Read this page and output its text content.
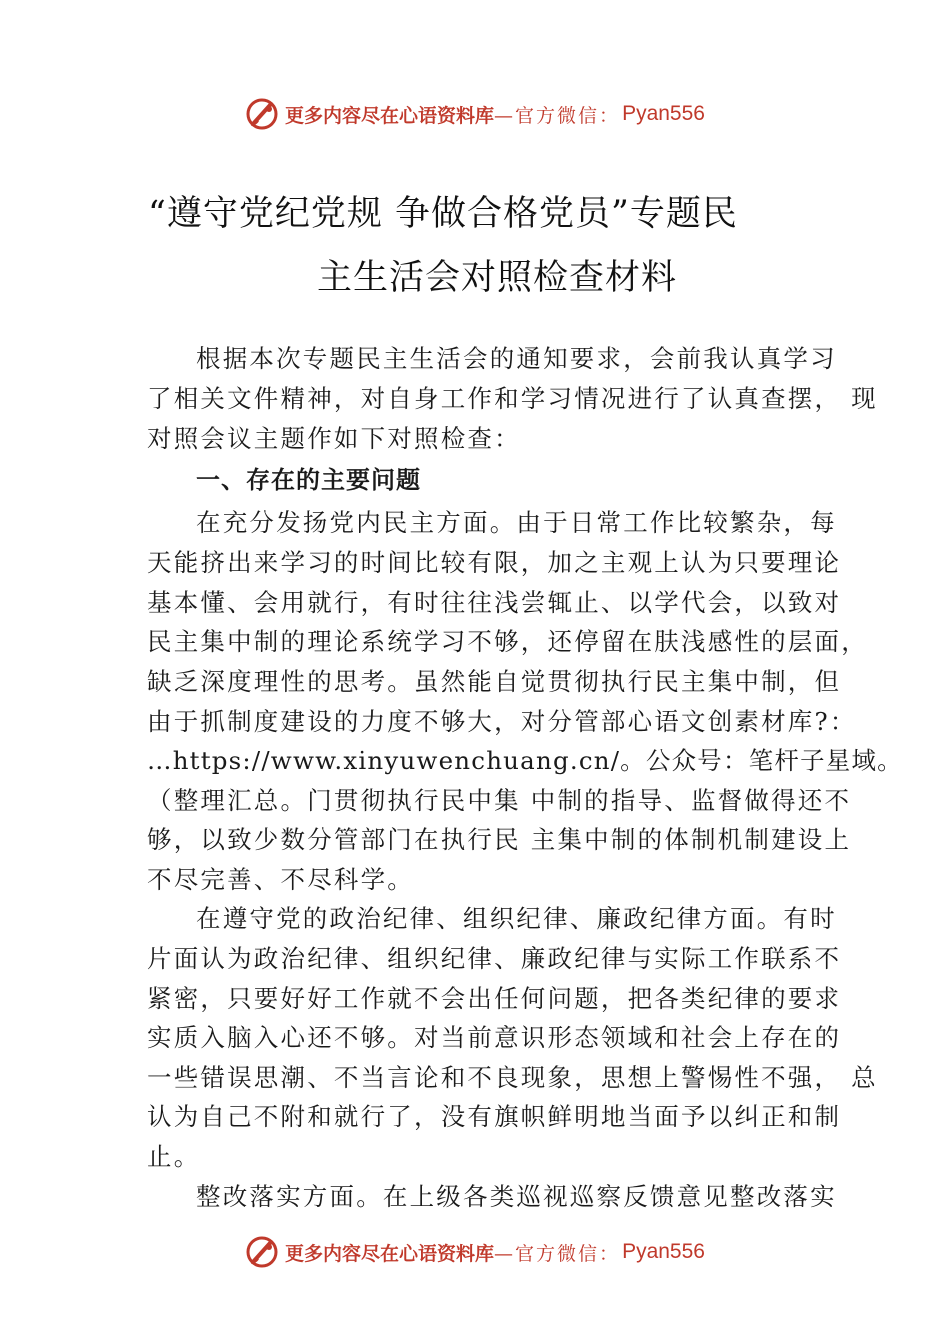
更多内容尽在心语资料库 —官方微信： Pyan556
“遵守党纪党规 争做合格党员”专题民
主生活会对照检查材料
根据本次专题民主生活会的通知要求，会前我认真学习
了相关文件精神，对自身工作和学习情况进行了认真查摆， 现
对照会议主题作如下对照检查：
一、存在的主要问题
在充分发扬党内民主方面。由于日常工作比较繁杂，每
天能挤出来学习的时间比较有限，加之主观上认为只要理论
基本懂、会用就行，有时往往浅尝辄止、以学代会，以致对
民主集中制的理论系统学习不够，还停留在肤浅感性的层面，
缺乏深度理性的思考。虽然能自觉贯彻执行民主集中制，但
由于抓制度建设的力度不够大，对分管部心语文创素材库?：
…https://www.xinyuwenchuang.cn/。公众号：笔杆子星域。
（整理汇总。门贯彻执行民中集 中制的指导、监督做得还不
够，以致少数分管部门在执行民 主集中制的体制机制建设上
不尽完善、不尽科学。
在遵守党的政治纪律、组织纪律、廉政纪律方面。有时
片面认为政治纪律、组织纪律、廉政纪律与实际工作联系不
紧密，只要好好工作就不会出任何问题，把各类纪律的要求
实质入脑入心还不够。对当前意识形态领域和社会上存在的
一些错误思潮、不当言论和不良现象，思想上警惕性不强， 总
认为自己不附和就行了，没有旗帜鲜明地当面予以纠正和制
止。
整改落实方面。在上级各类巡视巡察反馈意见整改落实
更多内容尽在心语资料库 —官方微信： Pyan556
